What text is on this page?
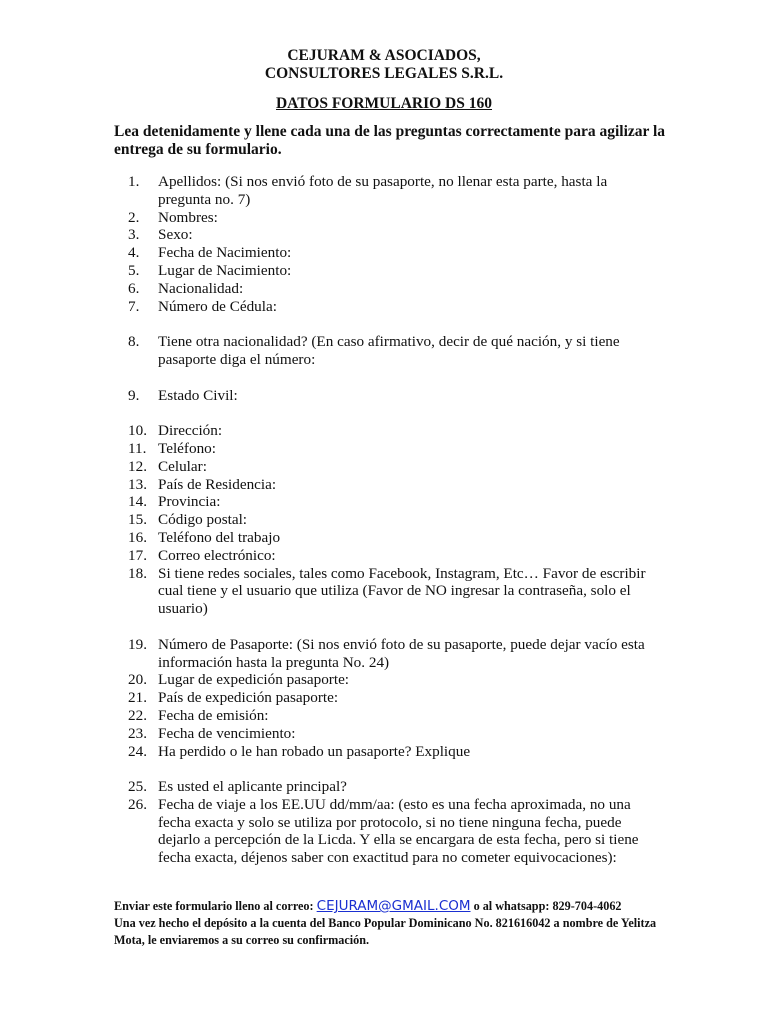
CEJURAM & ASOCIADOS,
CONSULTORES LEGALES S.R.L.
DATOS FORMULARIO DS 160
Lea detenidamente y llene cada una de las preguntas correctamente para agilizar la entrega de su formulario.
1.	Apellidos: (Si nos envió foto de su pasaporte, no llenar esta parte, hasta la pregunta no. 7)
2.	Nombres:
3.	Sexo:
4.	Fecha de Nacimiento:
5.	Lugar de Nacimiento:
6.	Nacionalidad:
7.	Número de Cédula:
8.	Tiene otra nacionalidad? (En caso afirmativo, decir de qué nación, y si tiene pasaporte diga el número:
9.	Estado Civil:
10. Dirección:
11. Teléfono:
12. Celular:
13. País de Residencia:
14. Provincia:
15. Código postal:
16. Teléfono del trabajo
17. Correo electrónico:
18. Si tiene redes sociales, tales como Facebook, Instagram, Etc… Favor de escribir cual tiene y el usuario que utiliza (Favor de NO ingresar la contraseña, solo el usuario)
19. Número de Pasaporte: (Si nos envió foto de su pasaporte, puede dejar vacío esta información hasta la pregunta No. 24)
20. Lugar de expedición pasaporte:
21. País de expedición pasaporte:
22. Fecha de emisión:
23. Fecha de vencimiento:
24. Ha perdido o le han robado un pasaporte? Explique
25. Es usted el aplicante principal?
26. Fecha de viaje a los EE.UU dd/mm/aa: (esto es una fecha aproximada, no una fecha exacta y solo se utiliza por protocolo, si no tiene ninguna fecha, puede dejarlo a percepción de la Licda. Y ella se encargara de esta fecha, pero si tiene fecha exacta, déjenos saber con exactitud para no cometer equivocaciones):
Enviar este formulario lleno al correo: CEJURAM@GMAIL.COM o al whatsapp: 829-704-4062
Una vez hecho el depósito a la cuenta del Banco Popular Dominicano No. 821616042 a nombre de Yelitza Mota, le enviaremos a su correo su confirmación.
